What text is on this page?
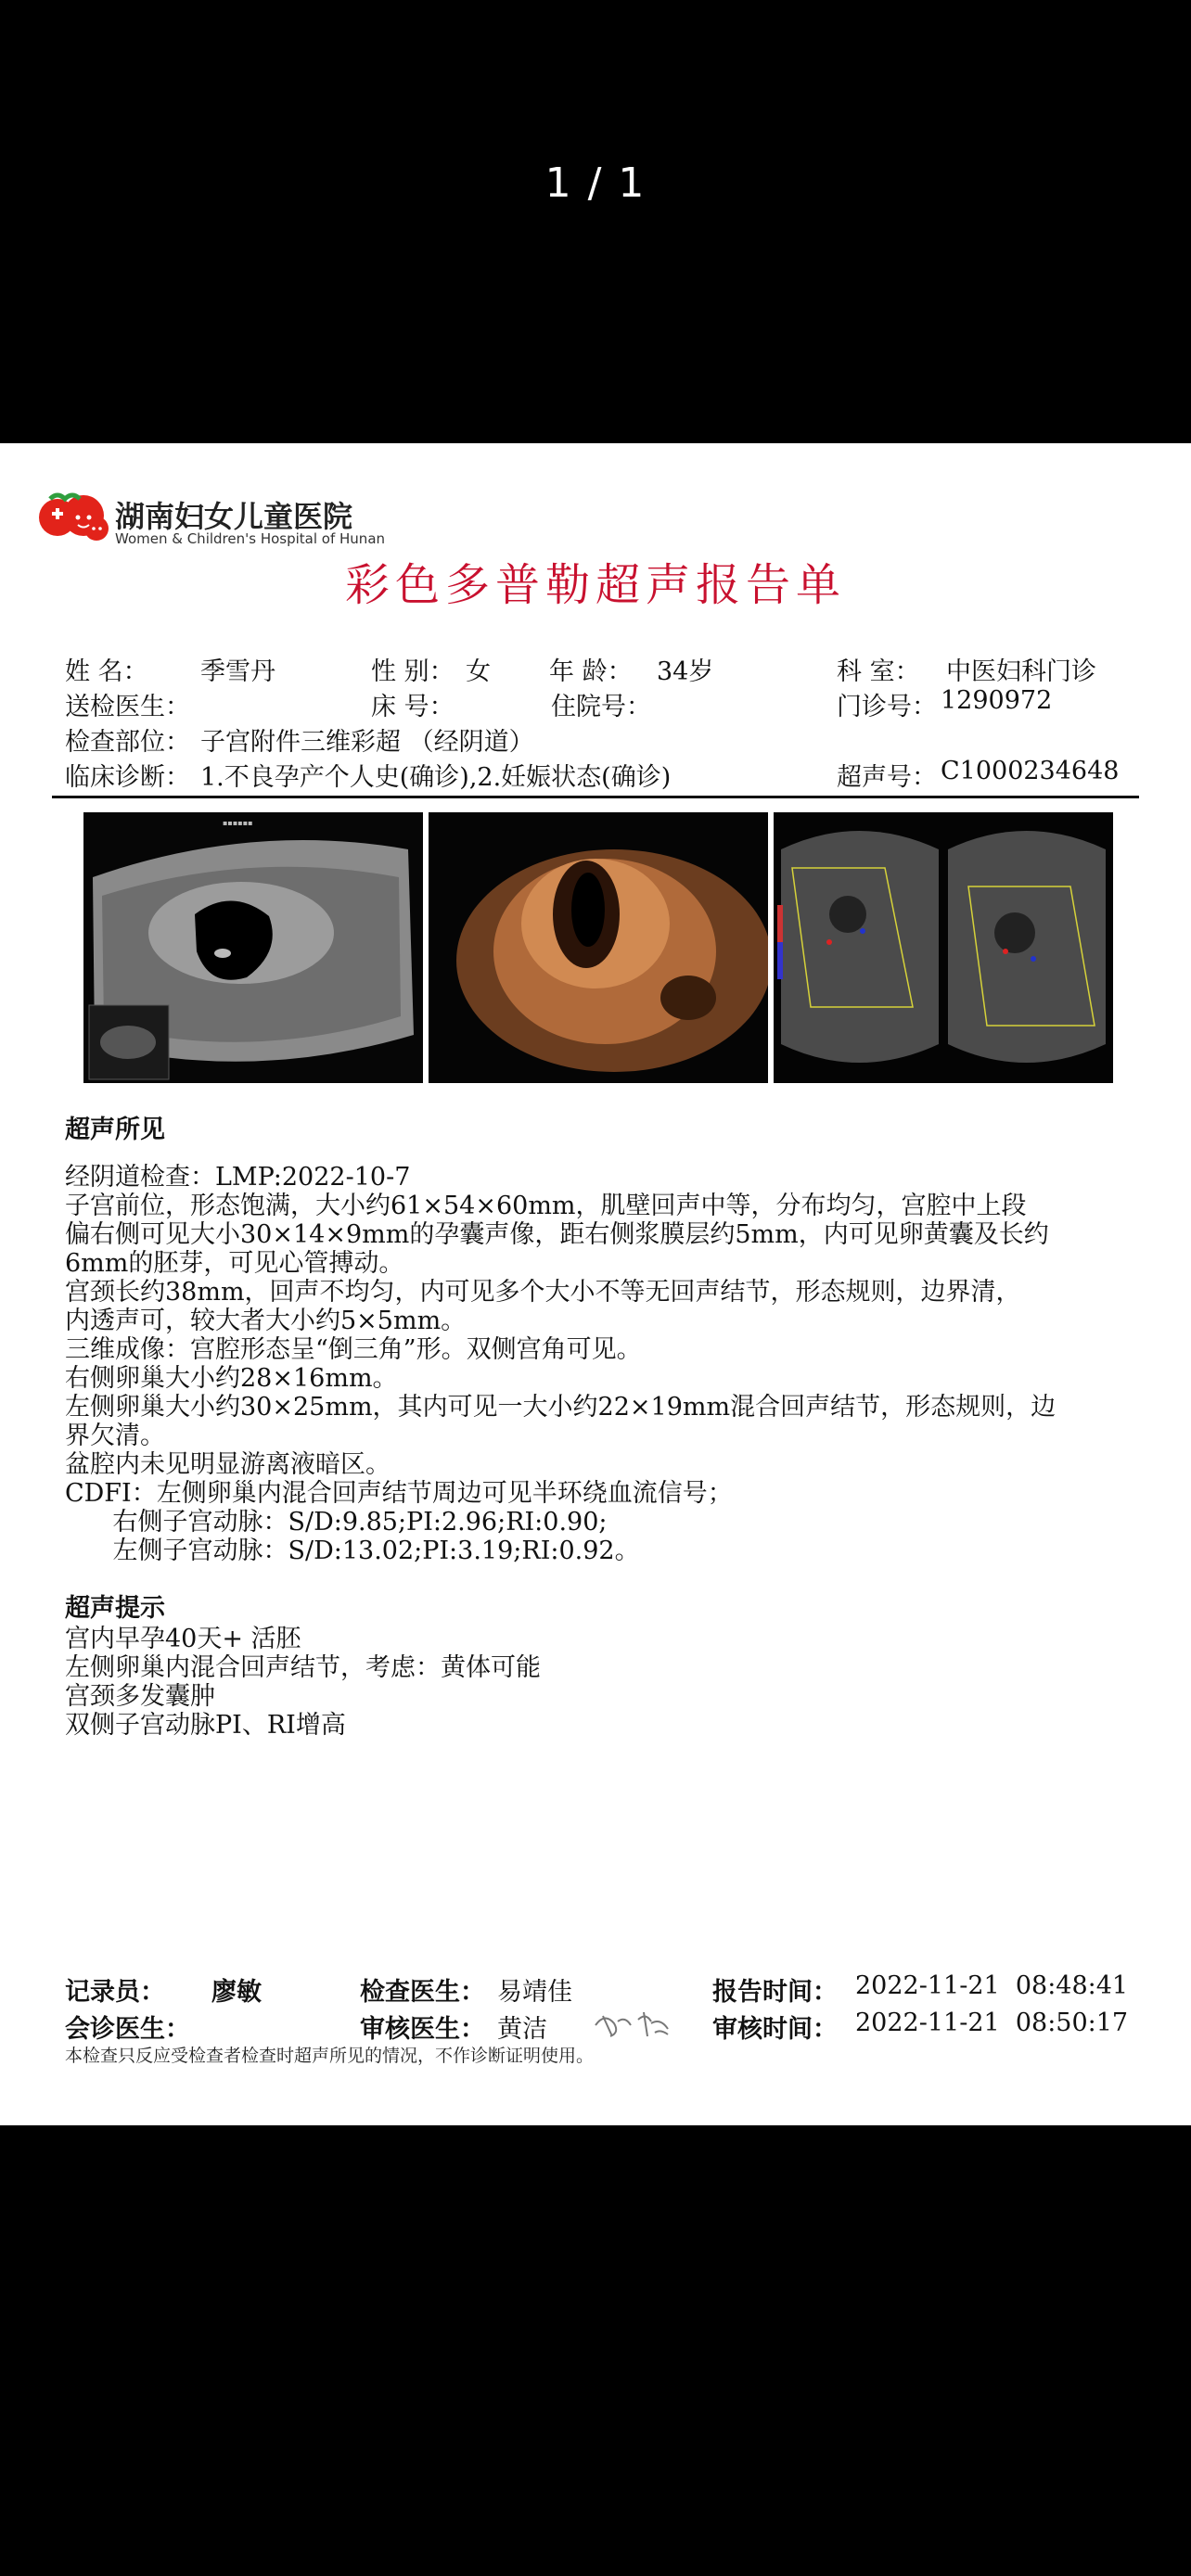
1 / 1
湖南妇女儿童医院
Women & Children's Hospital of Hunan
彩色多普勒超声报告单
姓 名： 季雪丹	性 别： 女 年 龄： 34岁	科 室： 中医妇科门诊
送检医生：	床 号：	住院号：	门诊号： 1290972
检查部位： 子宫附件三维彩超 （经阴道）
临床诊断： 1.不良孕产个人史(确诊),2.妊娠状态(确诊)	超声号： C1000234648
▪▪▪▪▪▪
超声所见
经阴道检查：LMP:2022-10-7
子宫前位，形态饱满，大小约61×54×60mm，肌壁回声中等，分布均匀，宫腔中上段
偏右侧可见大小30×14×9mm的孕囊声像，距右侧浆膜层约5mm，内可见卵黄囊及长约
6mm的胚芽，可见心管搏动。
宫颈长约38mm，回声不均匀，内可见多个大小不等无回声结节，形态规则，边界清，
内透声可，较大者大小约5×5mm。
三维成像：宫腔形态呈“倒三角”形。双侧宫角可见。
右侧卵巢大小约28×16mm。
左侧卵巢大小约30×25mm，其内可见一大小约22×19mm混合回声结节，形态规则，边
界欠清。
盆腔内未见明显游离液暗区。
CDFI：左侧卵巢内混合回声结节周边可见半环绕血流信号；
右侧子宫动脉：S/D:9.85;PI:2.96;RI:0.90;
左侧子宫动脉：S/D:13.02;PI:3.19;RI:0.92。
超声提示
宫内早孕40天+ 活胚
左侧卵巢内混合回声结节，考虑：黄体可能
宫颈多发囊肿
双侧子宫动脉PI、RI增高
记录员： 廖敏	检查医生： 易靖佳	报告时间： 2022-11-21  08:48:41
会诊医生：	审核医生： 黄洁	审核时间： 2022-11-21  08:50:17
本检查只反应受检查者检查时超声所见的情况，不作诊断证明使用。
